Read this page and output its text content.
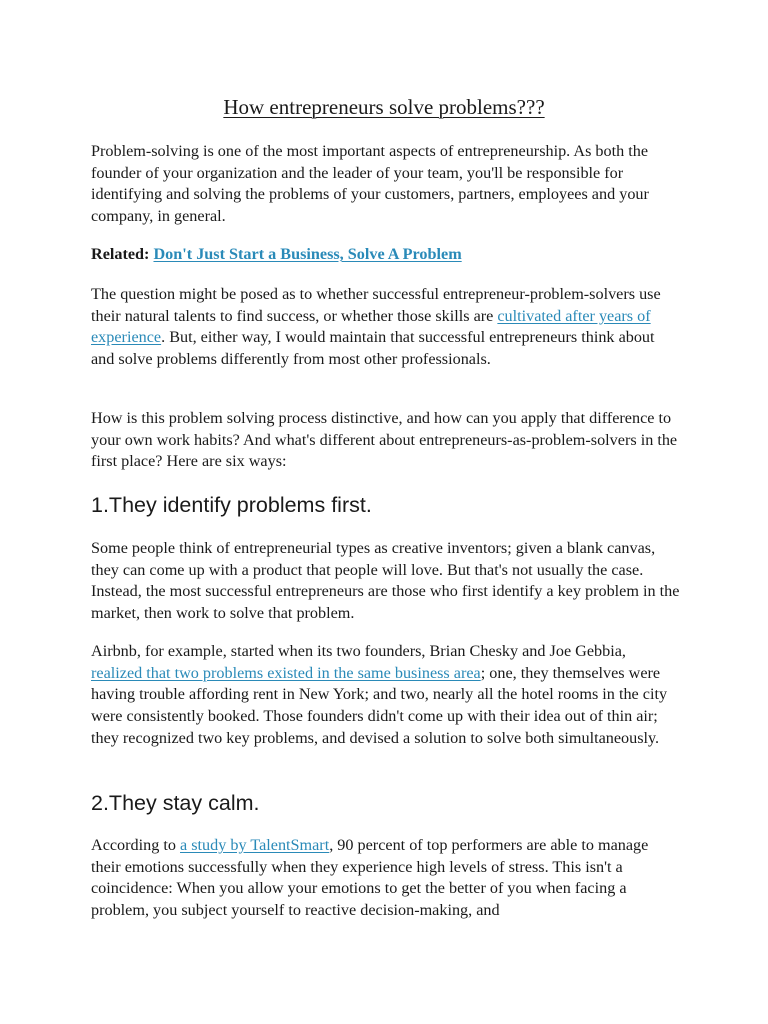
How entrepreneurs solve problems???

Problem-solving is one of the most important aspects of entrepreneurship. As both the founder of your organization and the leader of your team, you'll be responsible for identifying and solving the problems of your customers, partners, employees and your company, in general.

Related: Don't Just Start a Business, Solve A Problem

The question might be posed as to whether successful entrepreneur-problem-solvers use their natural talents to find success, or whether those skills are cultivated after years of experience. But, either way, I would maintain that successful entrepreneurs think about and solve problems differently from most other professionals.

How is this problem solving process distinctive, and how can you apply that difference to your own work habits? And what's different about entrepreneurs-as-problem-solvers in the first place? Here are six ways:

1.They identify problems first.

Some people think of entrepreneurial types as creative inventors; given a blank canvas, they can come up with a product that people will love. But that's not usually the case. Instead, the most successful entrepreneurs are those who first identify a key problem in the market, then work to solve that problem.

Airbnb, for example, started when its two founders, Brian Chesky and Joe Gebbia, realized that two problems existed in the same business area; one, they themselves were having trouble affording rent in New York; and two, nearly all the hotel rooms in the city were consistently booked. Those founders didn't come up with their idea out of thin air; they recognized two key problems, and devised a solution to solve both simultaneously.

2.They stay calm.

According to a study by TalentSmart, 90 percent of top performers are able to manage their emotions successfully when they experience high levels of stress. This isn't a coincidence: When you allow your emotions to get the better of you when facing a problem, you subject yourself to reactive decision-making, and
